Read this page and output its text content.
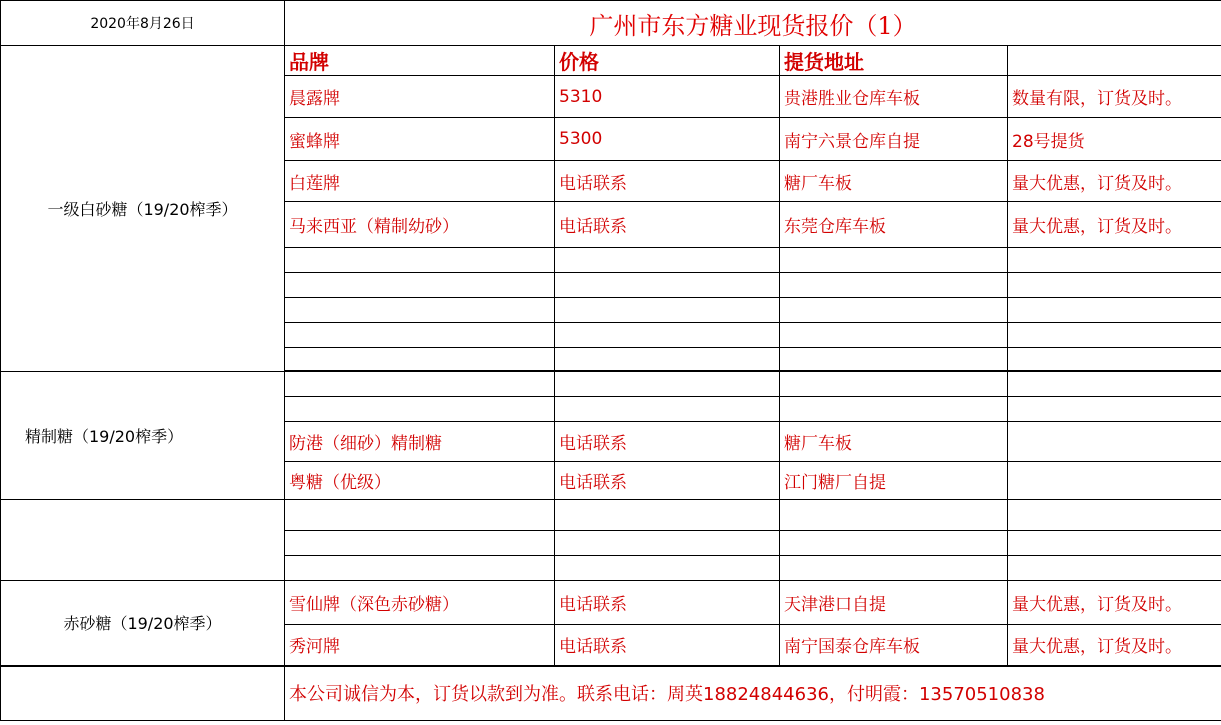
2020年8月26日	广州市东方糖业现货报价（1）			
一级白砂糖（19/20榨季）	品牌	价格	提货地址	
	晨露牌	5310	贵港胜业仓库车板	数量有限，订货及时。
	蜜蜂牌	5300	南宁六景仓库自提	28号提货
	白莲牌	电话联系	糖厂车板	量大优惠，订货及时。
	马来西亚（精制幼砂）	电话联系	东莞仓库车板	量大优惠，订货及时。

精制糖（19/20榨季）				

	防港（细砂）精制糖	电话联系	糖厂车板	
	粤糖（优级）	电话联系	江门糖厂自提	

赤砂糖（19/20榨季）	雪仙牌（深色赤砂糖）	电话联系	天津港口自提	量大优惠，订货及时。
	秀河牌	电话联系	南宁国泰仓库车板	量大优惠，订货及时。
	本公司诚信为本，订货以款到为准。联系电话：周英18824844636，付明霞：13570510838			
